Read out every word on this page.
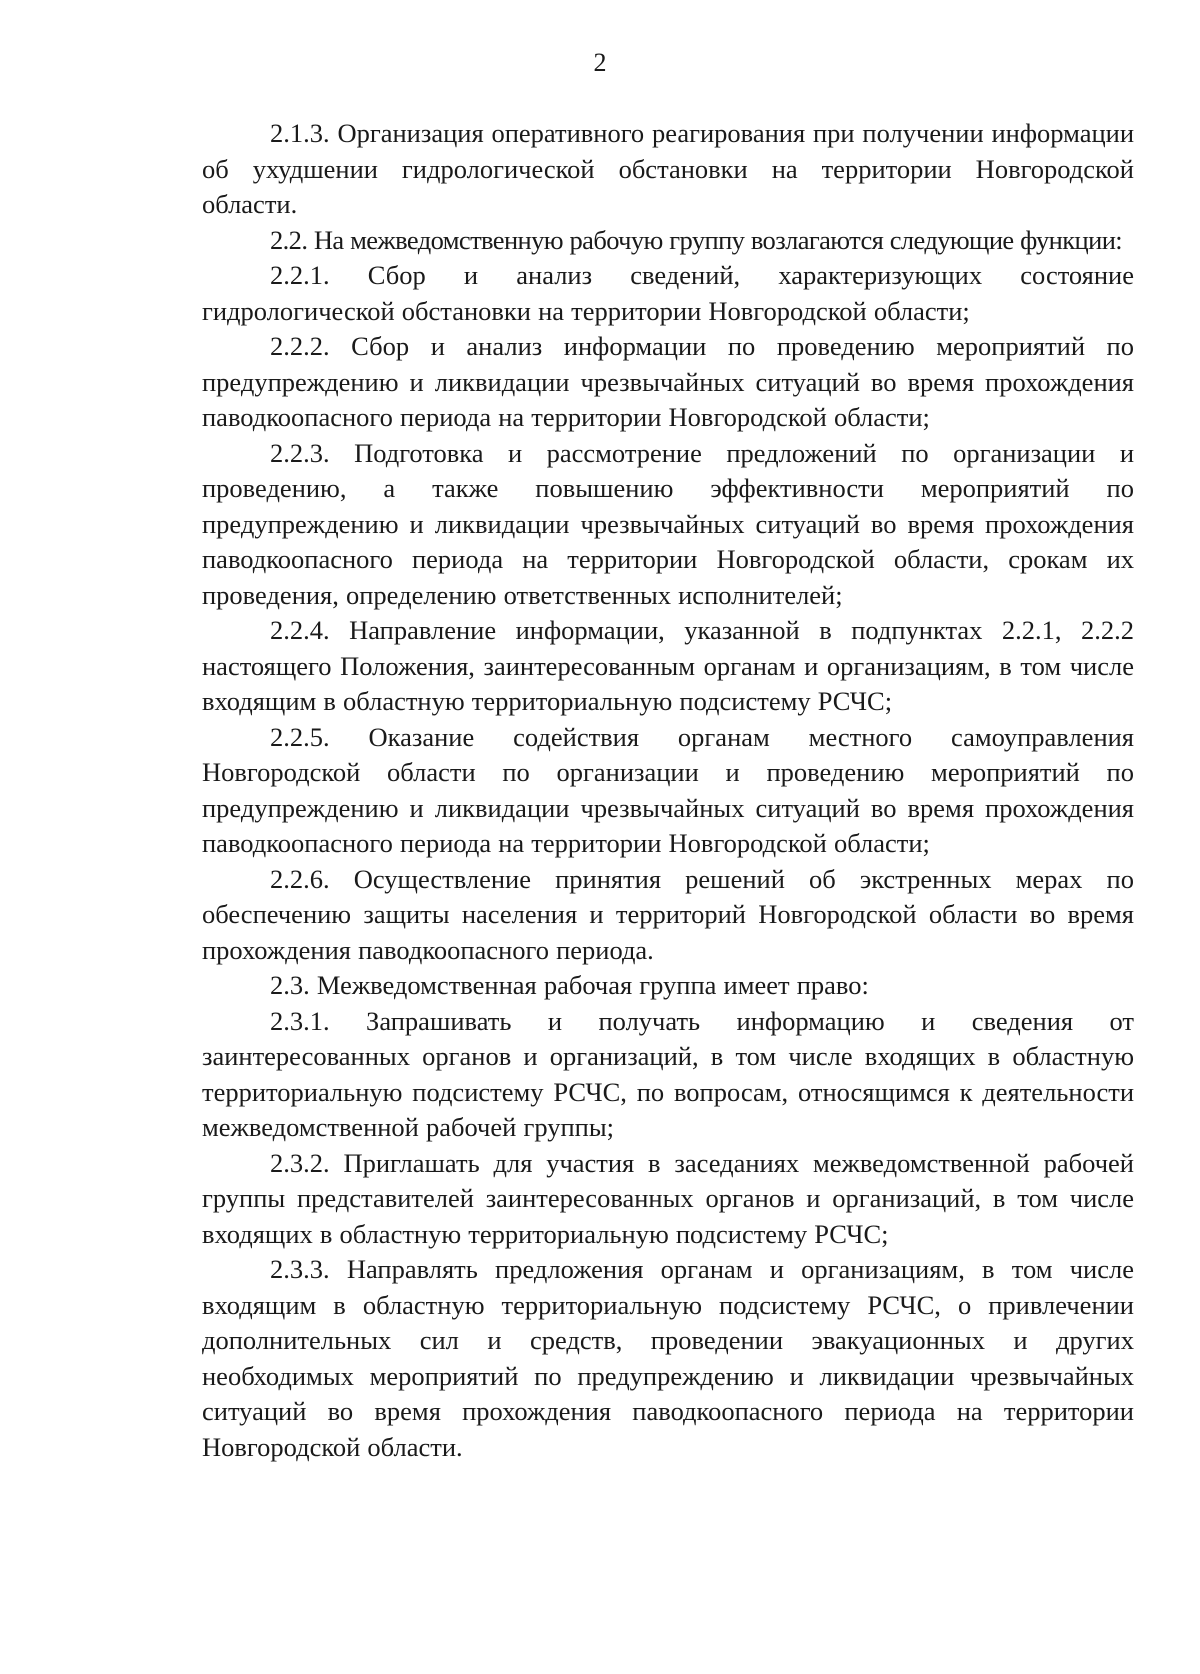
2

2.1.3. Организация оперативного реагирования при получении информации об ухудшении гидрологической обстановки на территории Новгородской области.

2.2. На межведомственную рабочую группу возлагаются следующие функции:

2.2.1. Сбор и анализ сведений, характеризующих состояние гидрологической обстановки на территории Новгородской области;

2.2.2. Сбор и анализ информации по проведению мероприятий по предупреждению и ликвидации чрезвычайных ситуаций во время прохождения паводкоопасного периода на территории Новгородской области;

2.2.3. Подготовка и рассмотрение предложений по организации и проведению, а также повышению эффективности мероприятий по предупреждению и ликвидации чрезвычайных ситуаций во время прохождения паводкоопасного периода на территории Новгородской области, срокам их проведения, определению ответственных исполнителей;

2.2.4. Направление информации, указанной в подпунктах 2.2.1, 2.2.2 настоящего Положения, заинтересованным органам и организациям, в том числе входящим в областную территориальную подсистему РСЧС;

2.2.5. Оказание содействия органам местного самоуправления Новгородской области по организации и проведению мероприятий по предупреждению и ликвидации чрезвычайных ситуаций во время прохождения паводкоопасного периода на территории Новгородской области;

2.2.6. Осуществление принятия решений об экстренных мерах по обеспечению защиты населения и территорий Новгородской области во время прохождения паводкоопасного периода.

2.3. Межведомственная рабочая группа имеет право:

2.3.1. Запрашивать и получать информацию и сведения от заинтересованных органов и организаций, в том числе входящих в областную территориальную подсистему РСЧС, по вопросам, относящимся к деятельности межведомственной рабочей группы;

2.3.2. Приглашать для участия в заседаниях межведомственной рабочей группы представителей заинтересованных органов и организаций, в том числе входящих в областную территориальную подсистему РСЧС;

2.3.3. Направлять предложения органам и организациям, в том числе входящим в областную территориальную подсистему РСЧС, о привлечении дополнительных сил и средств, проведении эвакуационных и других необходимых мероприятий по предупреждению и ликвидации чрезвычайных ситуаций во время прохождения паводкоопасного периода на территории Новгородской области.
